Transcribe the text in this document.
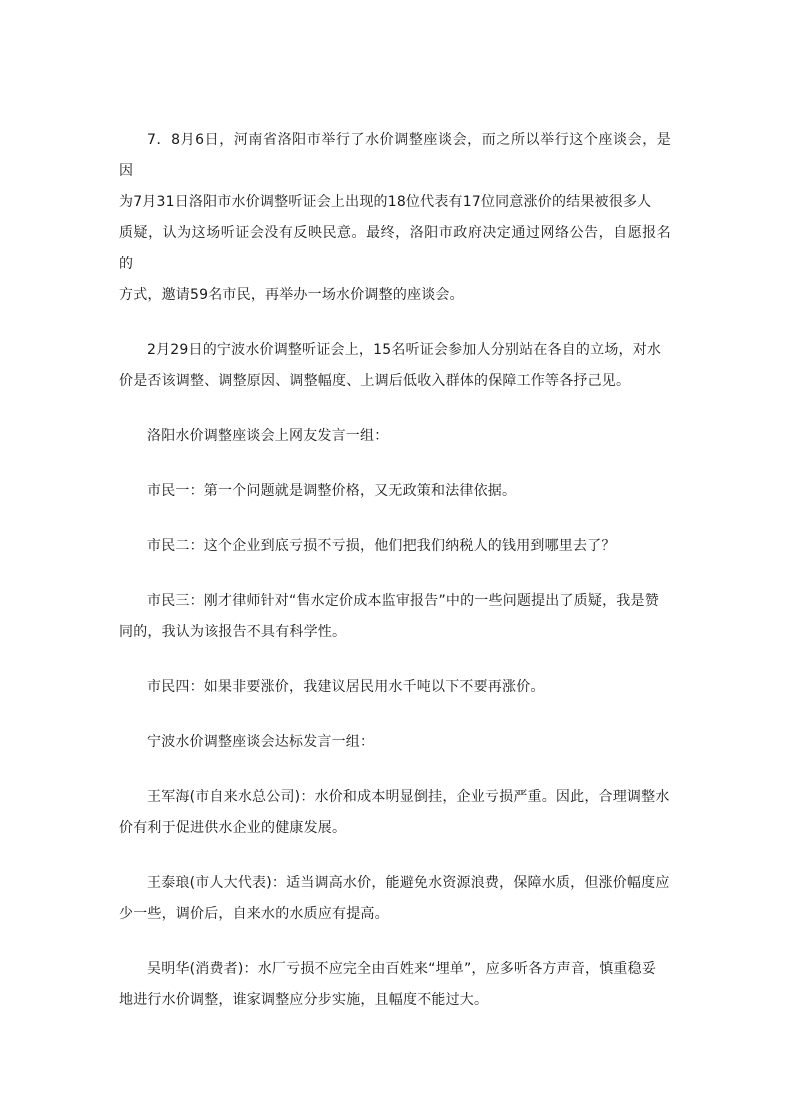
7．8月6日，河南省洛阳市举行了水价调整座谈会，而之所以举行这个座谈会，是因
为7月31日洛阳市水价调整听证会上出现的18位代表有17位同意涨价的结果被很多人
质疑，认为这场听证会没有反映民意。最终，洛阳市政府决定通过网络公告，自愿报名的
方式，邀请59名市民，再举办一场水价调整的座谈会。

2月29日的宁波水价调整听证会上，15名听证会参加人分别站在各自的立场，对水
价是否该调整、调整原因、调整幅度、上调后低收入群体的保障工作等各抒己见。

洛阳水价调整座谈会上网友发言一组：

市民一：第一个问题就是调整价格，又无政策和法律依据。

市民二：这个企业到底亏损不亏损，他们把我们纳税人的钱用到哪里去了？

市民三：刚才律师针对“售水定价成本监审报告”中的一些问题提出了质疑，我是赞
同的，我认为该报告不具有科学性。

市民四：如果非要涨价，我建议居民用水千吨以下不要再涨价。

宁波水价调整座谈会达标发言一组：

王军海(市自来水总公司)：水价和成本明显倒挂，企业亏损严重。因此，合理调整水
价有利于促进供水企业的健康发展。

王泰琅(市人大代表)：适当调高水价，能避免水资源浪费，保障水质，但涨价幅度应
少一些，调价后，自来水的水质应有提高。

吴明华(消费者)：水厂亏损不应完全由百姓来“埋单”，应多听各方声音，慎重稳妥
地进行水价调整，谁家调整应分步实施，且幅度不能过大。
